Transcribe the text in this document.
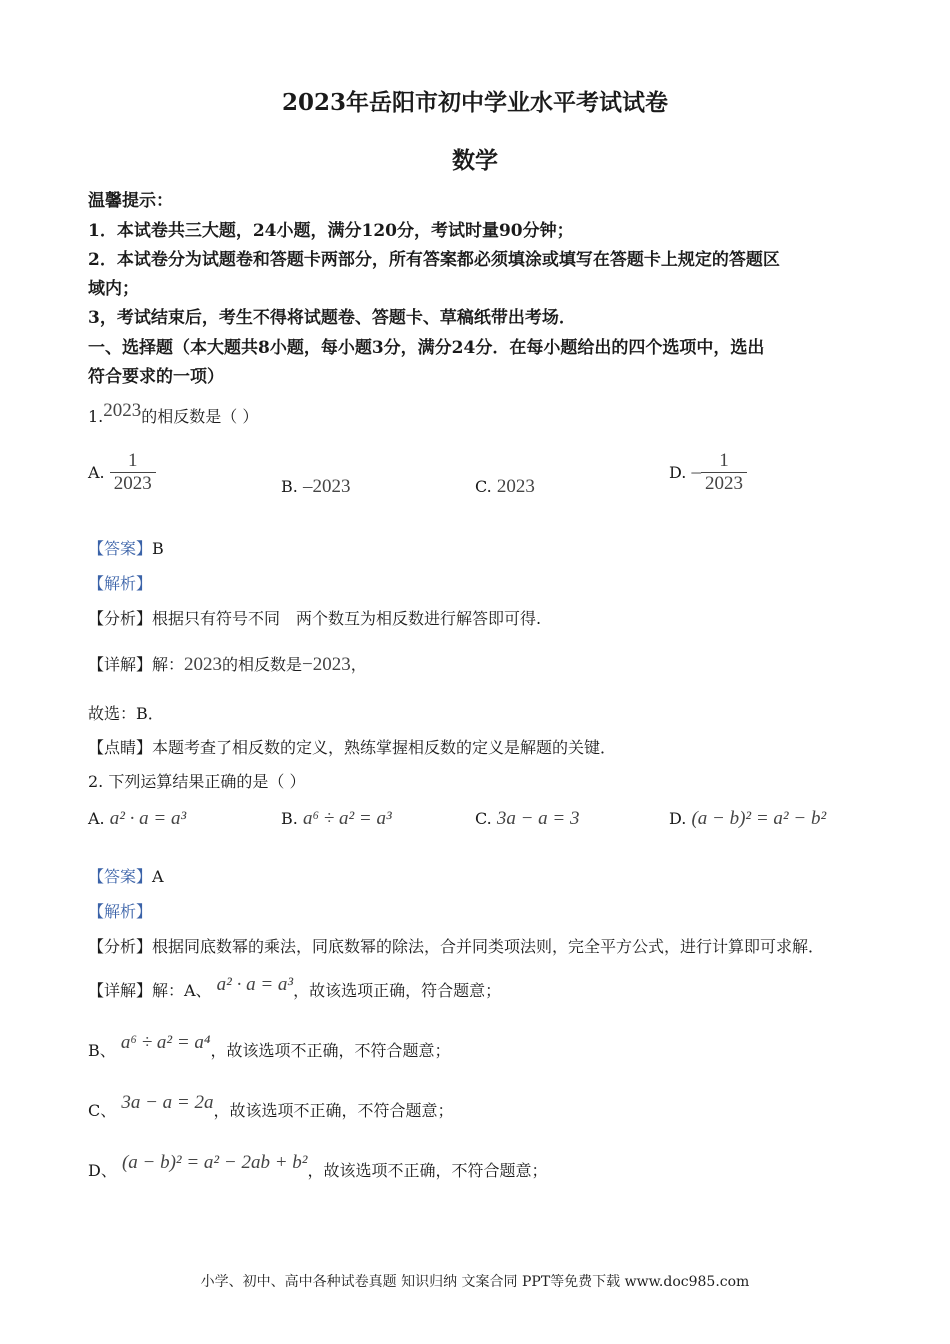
2023年岳阳市初中学业水平考试试卷
数学
温馨提示：
1．本试卷共三大题，24小题，满分120分，考试时量90分钟；
2．本试卷分为试题卷和答题卡两部分，所有答案都必须填涂或填写在答题卡上规定的答题区
域内；
3，考试结束后，考生不得将试题卷、答题卡、草稿纸带出考场．
一、选择题（本大题共8小题，每小题3分，满分24分．在每小题给出的四个选项中，选出
符合要求的一项）
1.2023的相反数是（ ）
A. $\frac{1}{2023}$	B. –2023	C. 2023
D. – $\frac{1}{2023}$
【答案】B
【解析】
【分析】根据只有符号不同　两个数互为相反数进行解答即可得.
【详解】解：2023的相反数是−2023，
故选：B．
【点睛】本题考查了相反数的定义，熟练掌握相反数的定义是解题的关键．
2. 下列运算结果正确的是（ ）
A. a² · a = a³	B. a⁶ ÷ a² = a³	C. 3a − a = 3	D. (a − b)² = a² − b²
【答案】A
【解析】
【分析】根据同底数幂的乘法，同底数幂的除法，合并同类项法则，完全平方公式，进行计算即可求解．
【详解】解：A、 a² · a = a³，故该选项正确，符合题意；
B、 a⁶ ÷ a² = a⁴，故该选项不正确，不符合题意；
C、 3a − a = 2a，故该选项不正确，不符合题意；
D、 (a − b)² = a² − 2ab + b²，故该选项不正确，不符合题意；
小学、初中、高中各种试卷真题 知识归纳 文案合同 PPT等免费下载 www.doc985.com
